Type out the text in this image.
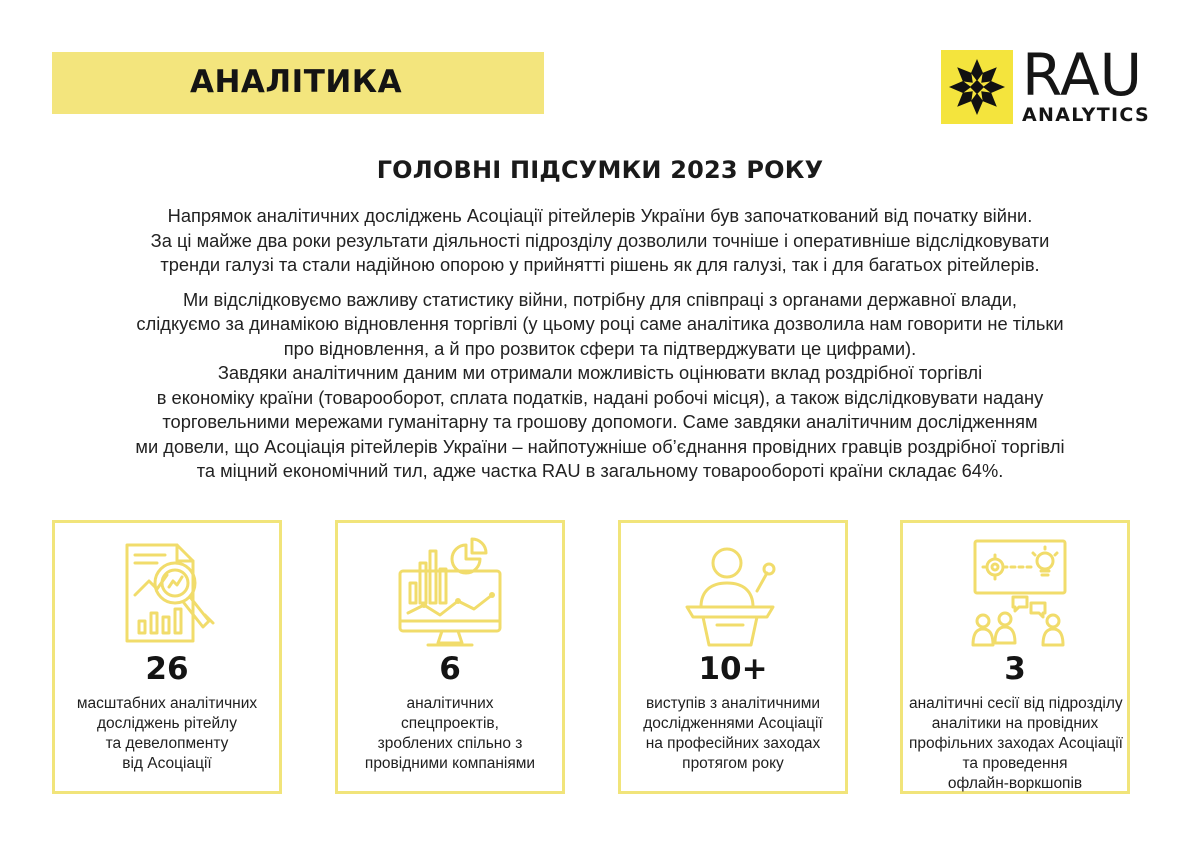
АНАЛІТИКА	RAU
ANALYTICS
ГОЛОВНІ ПІДСУМКИ 2023 РОКУ

Напрямок аналітичних досліджень Асоціації рітейлерів України був започаткований від початку війни.
За ці майже два роки результати діяльності підрозділу дозволили точніше і оперативніше відслідковувати
тренди галузі та стали надійною опорою у прийнятті рішень як для галузі, так і для багатьох рітейлерів.

Ми відслідковуємо важливу статистику війни, потрібну для співпраці з органами державної влади,
слідкуємо за динамікою відновлення торгівлі (у цьому році саме аналітика дозволила нам говорити не тільки
про відновлення, а й про розвиток сфери та підтверджувати це цифрами).
Завдяки аналітичним даним ми отримали можливість оцінювати вклад роздрібної торгівлі
в економіку країни (товарооборот, сплата податків, надані робочі місця), а також відслідковувати надану
торговельними мережами гуманітарну та грошову допомоги. Саме завдяки аналітичним дослідженням
ми довели, що Асоціація рітейлерів України – найпотужніше об’єднання провідних гравців роздрібної торгівлі
та міцний економічний тил, адже частка RAU в загальному товарообороті країни складає 64%.

26
масштабних аналітичних
досліджень рітейлу
та девелопменту
від Асоціації
6
аналітичних
спецпроектів,
зроблених спільно з
провідними компаніями
10+
виступів з аналітичними
дослідженнями Асоціації
на професійних заходах
протягом року
3
аналітичні сесії від підрозділу
аналітики на провідних
профільних заходах Асоціації
та проведення
офлайн-воркшопів
